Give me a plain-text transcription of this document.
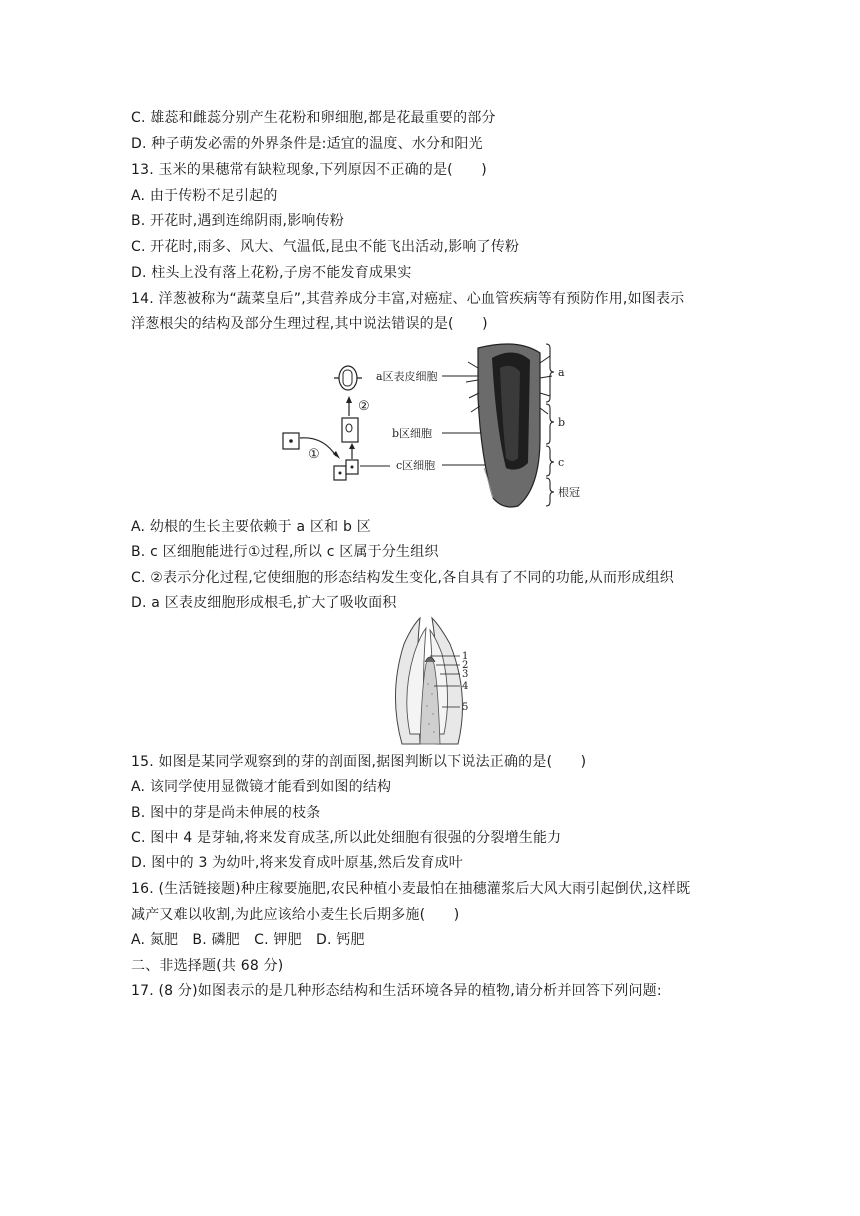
C. 雄蕊和雌蕊分别产生花粉和卵细胞,都是花最重要的部分
D. 种子萌发必需的外界条件是:适宜的温度、水分和阳光
13. 玉米的果穗常有缺粒现象,下列原因不正确的是(　　)
A. 由于传粉不足引起的
B. 开花时,遇到连绵阴雨,影响传粉
C. 开花时,雨多、风大、气温低,昆虫不能飞出活动,影响了传粉
D. 柱头上没有落上花粉,子房不能发育成果实
14. 洋葱被称为“蔬菜皇后”,其营养成分丰富,对癌症、心血管疾病等有预防作用,如图表示
洋葱根尖的结构及部分生理过程,其中说法错误的是(　　)
①
②
a区表皮细胞
b区细胞
c区细胞
a
b
c
根冠
A. 幼根的生长主要依赖于 a 区和 b 区
B. c 区细胞能进行①过程,所以 c 区属于分生组织
C. ②表示分化过程,它使细胞的形态结构发生变化,各自具有了不同的功能,从而形成组织
D. a 区表皮细胞形成根毛,扩大了吸收面积
1
2
3
4
5
15. 如图是某同学观察到的芽的剖面图,据图判断以下说法正确的是(　　)
A. 该同学使用显微镜才能看到如图的结构
B. 图中的芽是尚未伸展的枝条
C. 图中 4 是芽轴,将来发育成茎,所以此处细胞有很强的分裂增生能力
D. 图中的 3 为幼叶,将来发育成叶原基,然后发育成叶
16. (生活链接题)种庄稼要施肥,农民种植小麦最怕在抽穗灌浆后大风大雨引起倒伏,这样既
减产又难以收割,为此应该给小麦生长后期多施(　　)
A. 氮肥　B. 磷肥　C. 钾肥　D. 钙肥
二、非选择题(共 68 分)
17. (8 分)如图表示的是几种形态结构和生活环境各异的植物,请分析并回答下列问题:
